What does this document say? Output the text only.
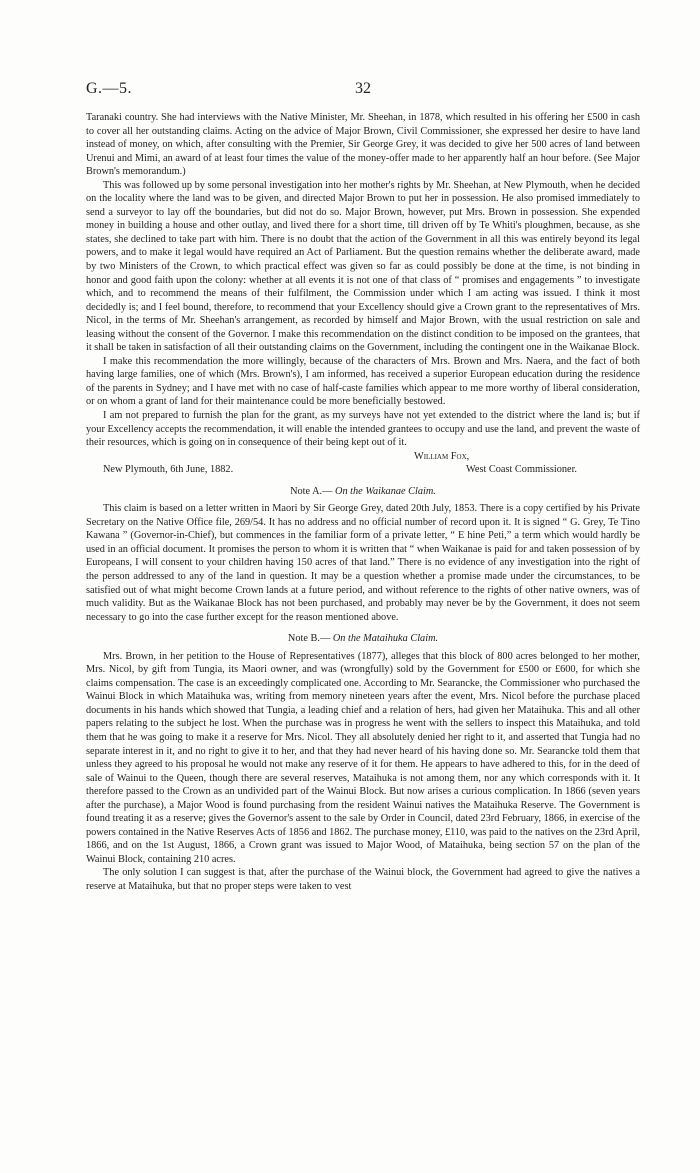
G.—5.	32

Taranaki country. She had interviews with the Native Minister, Mr. Sheehan, in 1878, which resulted in his offering her £500 in cash to cover all her outstanding claims. Acting on the advice of Major Brown, Civil Commissioner, she expressed her desire to have land instead of money, on which, after consulting with the Premier, Sir George Grey, it was decided to give her 500 acres of land between Urenui and Mimi, an award of at least four times the value of the money-offer made to her apparently half an hour before. (See Major Brown's memorandum.)

This was followed up by some personal investigation into her mother's rights by Mr. Sheehan, at New Plymouth, when he decided on the locality where the land was to be given, and directed Major Brown to put her in possession. He also promised immediately to send a surveyor to lay off the boundaries, but did not do so. Major Brown, however, put Mrs. Brown in possession. She expended money in building a house and other outlay, and lived there for a short time, till driven off by Te Whiti's ploughmen, because, as she states, she declined to take part with him. There is no doubt that the action of the Government in all this was entirely beyond its legal powers, and to make it legal would have required an Act of Parliament. But the question remains whether the deliberate award, made by two Ministers of the Crown, to which practical effect was given so far as could possibly be done at the time, is not binding in honor and good faith upon the colony: whether at all events it is not one of that class of “ promises and engagements ” to investigate which, and to recommend the means of their fulfilment, the Commission under which I am acting was issued. I think it most decidedly is; and I feel bound, therefore, to recommend that your Excellency should give a Crown grant to the representatives of Mrs. Nicol, in the terms of Mr. Sheehan's arrangement, as recorded by himself and Major Brown, with the usual restriction on sale and leasing without the consent of the Governor. I make this recommendation on the distinct condition to be imposed on the grantees, that it shall be taken in satisfaction of all their outstanding claims on the Government, including the contingent one in the Waikanae Block.

I make this recommendation the more willingly, because of the characters of Mrs. Brown and Mrs. Naera, and the fact of both having large families, one of which (Mrs. Brown's), I am informed, has received a superior European education during the residence of the parents in Sydney; and I have met with no case of half-caste families which appear to me more worthy of liberal consideration, or on whom a grant of land for their maintenance could be more beneficially bestowed.

I am not prepared to furnish the plan for the grant, as my surveys have not yet extended to the district where the land is; but if your Excellency accepts the recommendation, it will enable the intended grantees to occupy and use the land, and prevent the waste of their resources, which is going on in consequence of their being kept out of it.

William Fox,
New Plymouth, 6th June, 1882.	West Coast Commissioner.
Note A.— On the Waikanae Claim.

This claim is based on a letter written in Maori by Sir George Grey, dated 20th July, 1853. There is a copy certified by his Private Secretary on the Native Office file, 269/54. It has no address and no official number of record upon it. It is signed “ G. Grey, Te Tino Kawana ” (Governor-in-Chief), but commences in the familiar form of a private letter, “ E hine Peti,” a term which would hardly be used in an official document. It promises the person to whom it is written that “ when Waikanae is paid for and taken possession of by Europeans, I will consent to your children having 150 acres of that land.” There is no evidence of any investigation into the right of the person addressed to any of the land in question. It may be a question whether a promise made under the circumstances, to be satisfied out of what might become Crown lands at a future period, and without reference to the rights of other native owners, was of much validity. But as the Waikanae Block has not been purchased, and probably may never be by the Government, it does not seem necessary to go into the case further except for the reason mentioned above.

Note B.— On the Mataihuka Claim.

Mrs. Brown, in her petition to the House of Representatives (1877), alleges that this block of 800 acres belonged to her mother, Mrs. Nicol, by gift from Tungia, its Maori owner, and was (wrongfully) sold by the Government for £500 or £600, for which she claims compensation. The case is an exceedingly complicated one. According to Mr. Searancke, the Commissioner who purchased the Wainui Block in which Mataihuka was, writing from memory nineteen years after the event, Mrs. Nicol before the purchase placed documents in his hands which showed that Tungia, a leading chief and a relation of hers, had given her Mataihuka. This and all other papers relating to the subject he lost. When the purchase was in progress he went with the sellers to inspect this Mataihuka, and told them that he was going to make it a reserve for Mrs. Nicol. They all absolutely denied her right to it, and asserted that Tungia had no separate interest in it, and no right to give it to her, and that they had never heard of his having done so. Mr. Searancke told them that unless they agreed to his proposal he would not make any reserve of it for them. He appears to have adhered to this, for in the deed of sale of Wainui to the Queen, though there are several reserves, Mataihuka is not among them, nor any which corresponds with it. It therefore passed to the Crown as an undivided part of the Wainui Block. But now arises a curious complication. In 1866 (seven years after the purchase), a Major Wood is found purchasing from the resident Wainui natives the Mataihuka Reserve. The Government is found treating it as a reserve; gives the Governor's assent to the sale by Order in Council, dated 23rd February, 1866, in exercise of the powers contained in the Native Reserves Acts of 1856 and 1862. The purchase money, £110, was paid to the natives on the 23rd April, 1866, and on the 1st August, 1866, a Crown grant was issued to Major Wood, of Mataihuka, being section 57 on the plan of the Wainui Block, containing 210 acres.

The only solution I can suggest is that, after the purchase of the Wainui block, the Government had agreed to give the natives a reserve at Mataihuka, but that no proper steps were taken to vest
